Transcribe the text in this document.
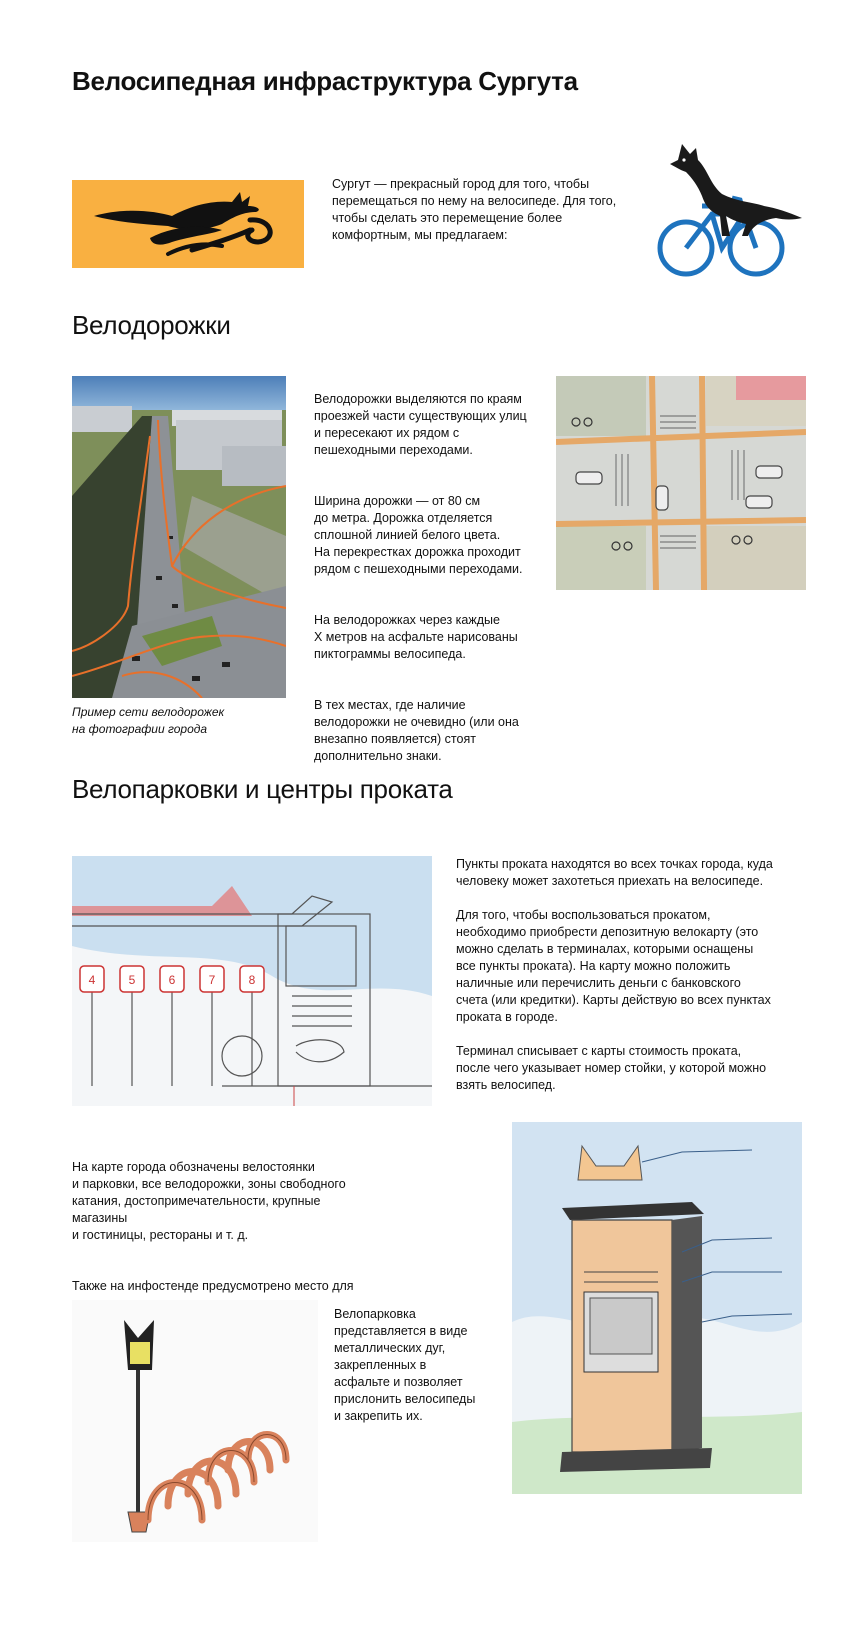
Велосипедная инфраструктура Сургута

Сургут — прекрасный город для того, чтобы перемещаться по нему на велосипеде. Для того, чтобы сделать это перемещение более комфортным, мы предлагаем:

Велодорожки
Пример сети велодорожек
на фотографии города

Велодорожки выделяются по краям проезжей части существующих улиц и пересекают их рядом с пешеходными переходами.

Ширина дорожки — от 80 см
до метра. Дорожка отделяется сплошной линией белого цвета.
На перекрестках дорожка проходит рядом с пешеходными переходами.

На велодорожках через каждые
X метров на асфальте нарисованы пиктограммы велосипеда.

В тех местах, где наличие велодорожки не очевидно (или она внезапно появляется) стоят дополнительно знаки.

Велопарковки и центры проката
4	5	6	7	8

Пункты проката находятся во всех точках города, куда человеку может захотеться приехать на велосипеде.

Для того, чтобы воспользоваться прокатом, необходимо приобрести депозитную велокарту (это можно сделать в терминалах, которыми оснащены все пункты проката). На карту можно положить наличные или перечислить деньги с банковского счета (или кредитки). Карты действую во всех пунктах проката в городе.

Терминал списывает с карты стоимость проката, после чего указывает номер стойки, у которой можно взять велосипед.

На карте города обозначены велостоянки
и парковки, все велодорожки, зоны свободного катания, достопримечательности, крупные магазины
и гостиницы, рестораны и т. д.

Также на инфостенде предусмотрено место для

Велопарковка представляется в виде металлических дуг, закрепленных в асфальте и позволяет прислонить велосипеды и закрепить их.
